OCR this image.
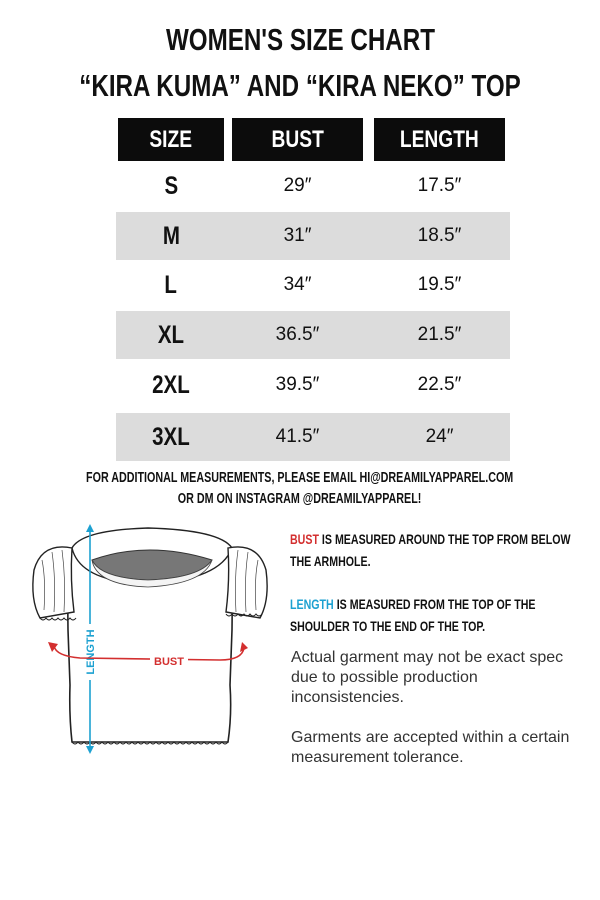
WOMEN'S SIZE CHART
“KIRA KUMA” AND “KIRA NEKO” TOP
SIZE	BUST	LENGTH
S	29″	17.5″
M	31″	18.5″
L	34″	19.5″
XL	36.5″	21.5″
2XL	39.5″	22.5″
3XL	41.5″	24″
FOR ADDITIONAL MEASUREMENTS, PLEASE EMAIL HI@DREAMILYAPPAREL.COM
OR DM ON INSTAGRAM @DREAMILYAPPAREL!
LENGTH	BUST
BUST IS MEASURED AROUND THE TOP FROM BELOW
THE ARMHOLE.
LENGTH IS MEASURED FROM THE TOP OF THE
SHOULDER TO THE END OF THE TOP.
Actual garment may not be exact spec due to possible production inconsistencies.
Garments are accepted within a certain measurement tolerance.
